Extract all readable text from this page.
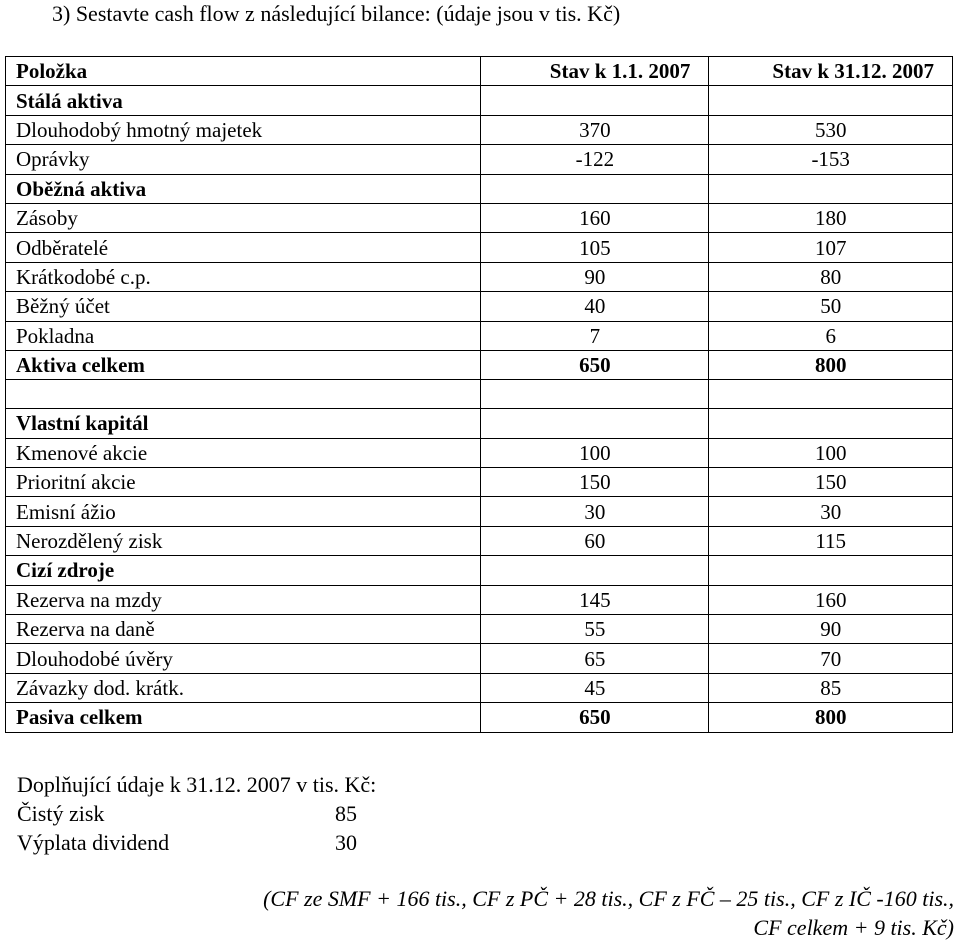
3) Sestavte cash flow z následující bilance: (údaje jsou v tis. Kč)
Položka	Stav k 1.1. 2007	Stav k 31.12. 2007
Stálá aktiva		
Dlouhodobý hmotný majetek	370	530
Oprávky	-122	-153
Oběžná aktiva		
Zásoby	160	180
Odběratelé	105	107
Krátkodobé c.p.	90	80
Běžný účet	40	50
Pokladna	7	6
Aktiva celkem	650	800

Vlastní kapitál		
Kmenové akcie	100	100
Prioritní akcie	150	150
Emisní ážio	30	30
Nerozdělený zisk	60	115
Cizí zdroje		
Rezerva na mzdy	145	160
Rezerva na daně	55	90
Dlouhodobé úvěry	65	70
Závazky dod. krátk.	45	85
Pasiva celkem	650	800
Doplňující údaje k 31.12. 2007 v tis. Kč:
Čistý zisk	85
Výplata dividend	30
(CF ze SMF + 166 tis., CF z PČ + 28 tis., CF z FČ – 25 tis., CF z IČ -160 tis.,
CF celkem + 9 tis. Kč)
